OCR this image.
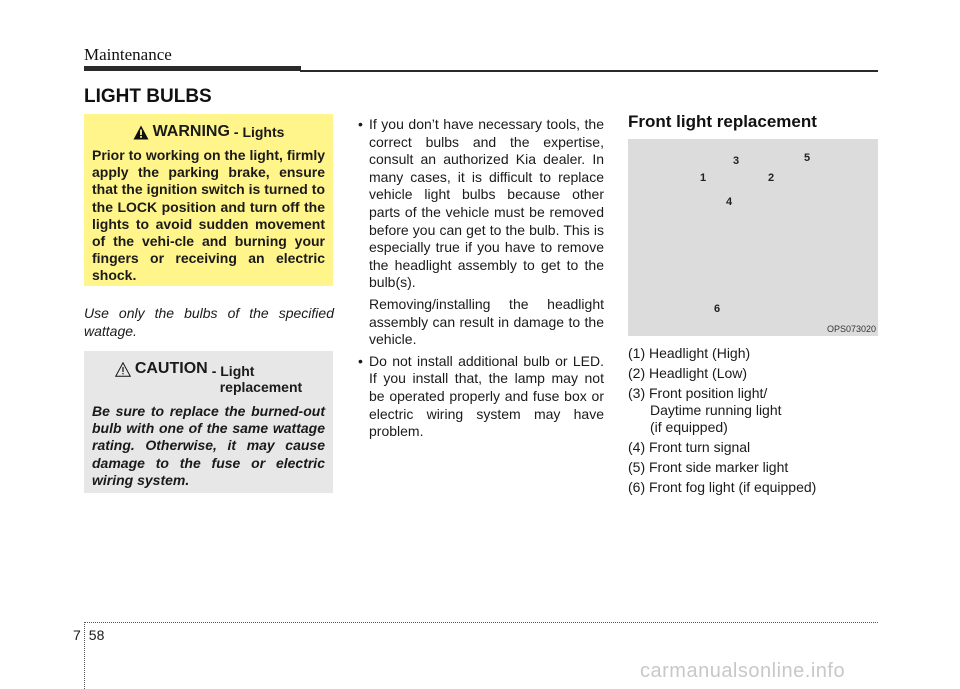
Maintenance
LIGHT BULBS
WARNING - Lights
Prior to working on the light, firmly apply the parking brake, ensure that the ignition switch is turned to the LOCK position and turn off the lights to avoid sudden movement of the vehi-cle and burning your fingers or receiving an electric shock.
Use only the bulbs of the specified wattage.
CAUTION - Light
replacement
Be sure to replace the burned-out bulb with one of the same wattage rating. Otherwise, it may cause damage to the fuse or electric wiring system.
• If you don’t have necessary tools, the correct bulbs and the expertise, consult an authorized Kia dealer. In many cases, it is difficult to replace vehicle light bulbs because other parts of the vehicle must be removed before you can get to the bulb. This is especially true if you have to remove the headlight assembly to get to the bulb(s).
Removing/installing the headlight assembly can result in damage to the vehicle.
• Do not install additional bulb or LED. If you install that, the lamp may not be operated properly and fuse box or electric wiring system may have problem.
Front light replacement
1	2
3
4
5
6
OPS073020
(1) Headlight (High)
(2) Headlight (Low)
(3) Front position light/
Daytime running light
(if equipped)
(4) Front turn signal
(5) Front side marker light
(6) Front fog light (if equipped)
7 58
carmanualsonline.info
